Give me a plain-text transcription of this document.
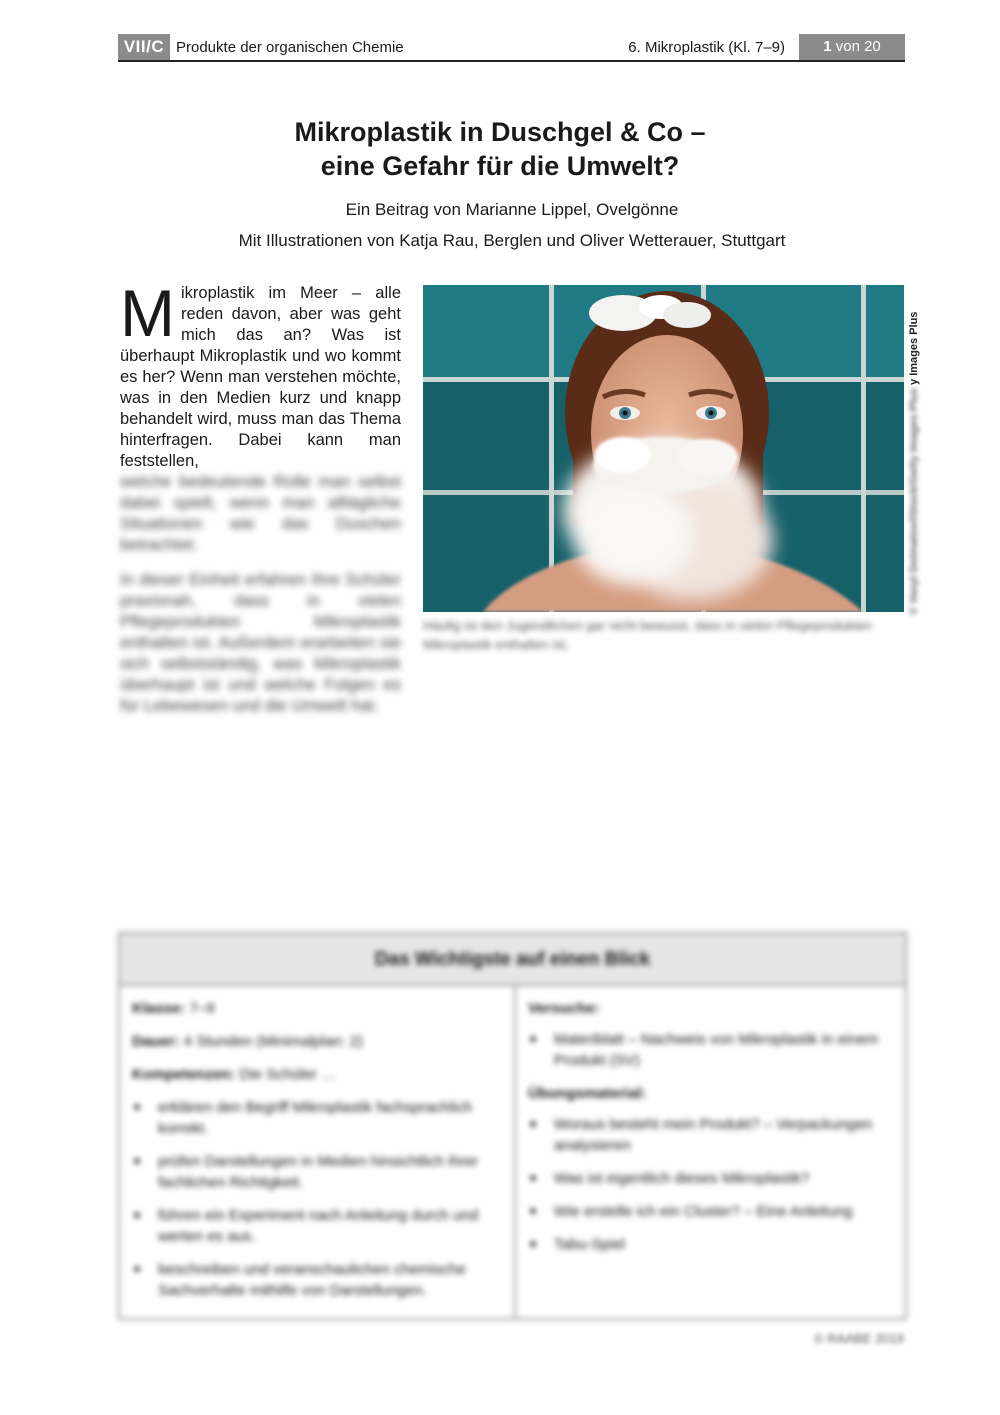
VII/C Produkte der organischen Chemie	6. Mikroplastik (Kl. 7–9)	1 von 20
Mikroplastik in Duschgel & Co –
eine Gefahr für die Umwelt?
Ein Beitrag von Marianne Lippel, Ovelgönne
Mit Illustrationen von Katja Rau, Berglen und Oliver Wetterauer, Stuttgart
Mikroplastik im Meer – alle reden davon, aber was geht mich das an? Was ist überhaupt Mikroplastik und wo kommt es her? Wenn man verstehen möchte, was in den Medien kurz und knapp behandelt wird, muss man das Thema hinterfragen. Dabei kann man feststellen,
welche bedeutende Rolle man selbst dabei spielt, wenn man alltägliche Situationen wie das Duschen betrachtet.
In dieser Einheit erfahren Ihre Schüler praxisnah, dass in vielen Pflegeprodukten Mikroplastik enthalten ist. Außerdem erarbeiten sie sich selbstständig, was Mikroplastik überhaupt ist und welche Folgen es für Lebewesen und die Umwelt hat.
© Vasyl Dolmatov/iStock/Getty Images Plus y Images Plus
Häufig ist den Jugendlichen gar nicht bewusst, dass in vielen Pflegeprodukten Mikroplastik enthalten ist.
Das Wichtigste auf einen Blick

Klasse: 7–9

Dauer: 4 Stunden (Minimalplan: 2)

Kompetenzen: Die Schüler …

■ erklären den Begriff Mikroplastik fachsprachlich korrekt.
■ prüfen Darstellungen in Medien hinsichtlich ihrer fachlichen Richtigkeit.
■ führen ein Experiment nach Anleitung durch und werten es aus.
■ beschreiben und veranschaulichen chemische Sachverhalte mithilfe von Darstellungen.
Versuche:
■ Materiblatt – Nachweis von Mikroplastik in einem Produkt (SV)
Übungsmaterial:
■ Woraus besteht mein Produkt? – Verpackungen analysieren
■ Was ist eigentlich dieses Mikroplastik?
■ Wie erstelle ich ein Cluster? – Eine Anleitung
■ Tabu-Spiel
© RAABE 2019
